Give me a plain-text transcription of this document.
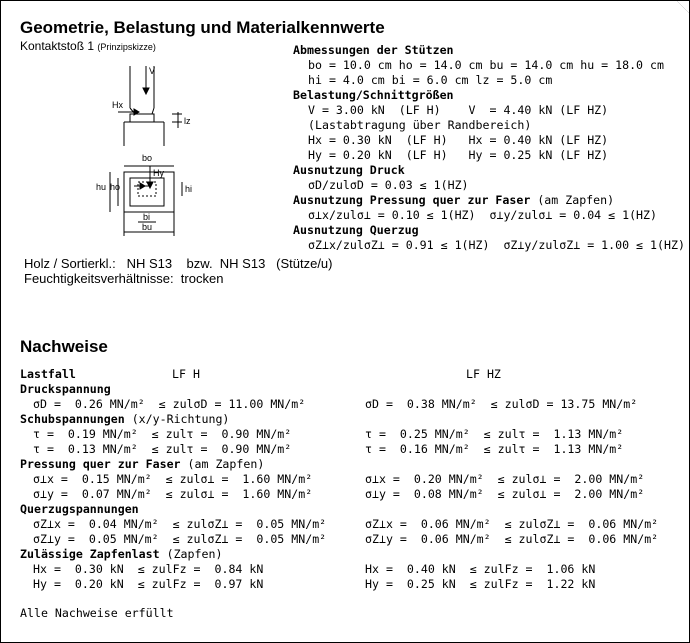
Geometrie, Belastung und Materialkennwerte
Kontaktstoß 1 (Prinzipskizze)
V
Hx
lz
bo
Hy
hu ho	hi
bi
bu
Abmessungen der Stützen
bo = 10.0 cm ho = 14.0 cm bu = 14.0 cm hu = 18.0 cm
hi = 4.0 cm bi = 6.0 cm lz = 5.0 cm
Belastung/Schnittgrößen
V = 3.00 kN  (LF H)    V  = 4.40 kN (LF HZ)
(Lastabtragung über Randbereich)
Hx = 0.30 kN  (LF H)   Hx = 0.40 kN (LF HZ)
Hy = 0.20 kN  (LF H)   Hy = 0.25 kN (LF HZ)
Ausnutzung Druck
σD/zulσD = 0.03 ≤ 1(HZ)
Ausnutzung Pressung quer zur Faser (am Zapfen)
σ⊥x/zulσ⊥ = 0.10 ≤ 1(HZ)  σ⊥y/zulσ⊥ = 0.04 ≤ 1(HZ)
Ausnutzung Querzug
σZ⊥x/zulσZ⊥ = 0.91 ≤ 1(HZ)  σZ⊥y/zulσZ⊥ = 1.00 ≤ 1(HZ)
Holz / Sortierkl.:   NH S13    bzw.  NH S13   (Stütze/u)
Feuchtigkeitsverhältnisse:  trocken
Nachweise
Lastfall	LF H	LF HZ
Druckspannung
σD =  0.26 MN/m²  ≤ zulσD = 11.00 MN/m²	σD =  0.38 MN/m²  ≤ zulσD = 13.75 MN/m²
Schubspannungen (x/y-Richtung)
τ =  0.19 MN/m²  ≤ zulτ =  0.90 MN/m²	τ =  0.25 MN/m²  ≤ zulτ =  1.13 MN/m²
τ =  0.13 MN/m²  ≤ zulτ =  0.90 MN/m²	τ =  0.16 MN/m²  ≤ zulτ =  1.13 MN/m²
Pressung quer zur Faser (am Zapfen)
σ⊥x =  0.15 MN/m²  ≤ zulσ⊥ =  1.60 MN/m²	σ⊥x =  0.20 MN/m²  ≤ zulσ⊥ =  2.00 MN/m²
σ⊥y =  0.07 MN/m²  ≤ zulσ⊥ =  1.60 MN/m²	σ⊥y =  0.08 MN/m²  ≤ zulσ⊥ =  2.00 MN/m²
Querzugspannungen
σZ⊥x =  0.04 MN/m²  ≤ zulσZ⊥ =  0.05 MN/m²	σZ⊥x =  0.06 MN/m²  ≤ zulσZ⊥ =  0.06 MN/m²
σZ⊥y =  0.05 MN/m²  ≤ zulσZ⊥ =  0.05 MN/m²	σZ⊥y =  0.06 MN/m²  ≤ zulσZ⊥ =  0.06 MN/m²
Zulässige Zapfenlast (Zapfen)
Hx =  0.30 kN  ≤ zulFz =  0.84 kN	Hx =  0.40 kN  ≤ zulFz =  1.06 kN
Hy =  0.20 kN  ≤ zulFz =  0.97 kN	Hy =  0.25 kN  ≤ zulFz =  1.22 kN
Alle Nachweise erfüllt
